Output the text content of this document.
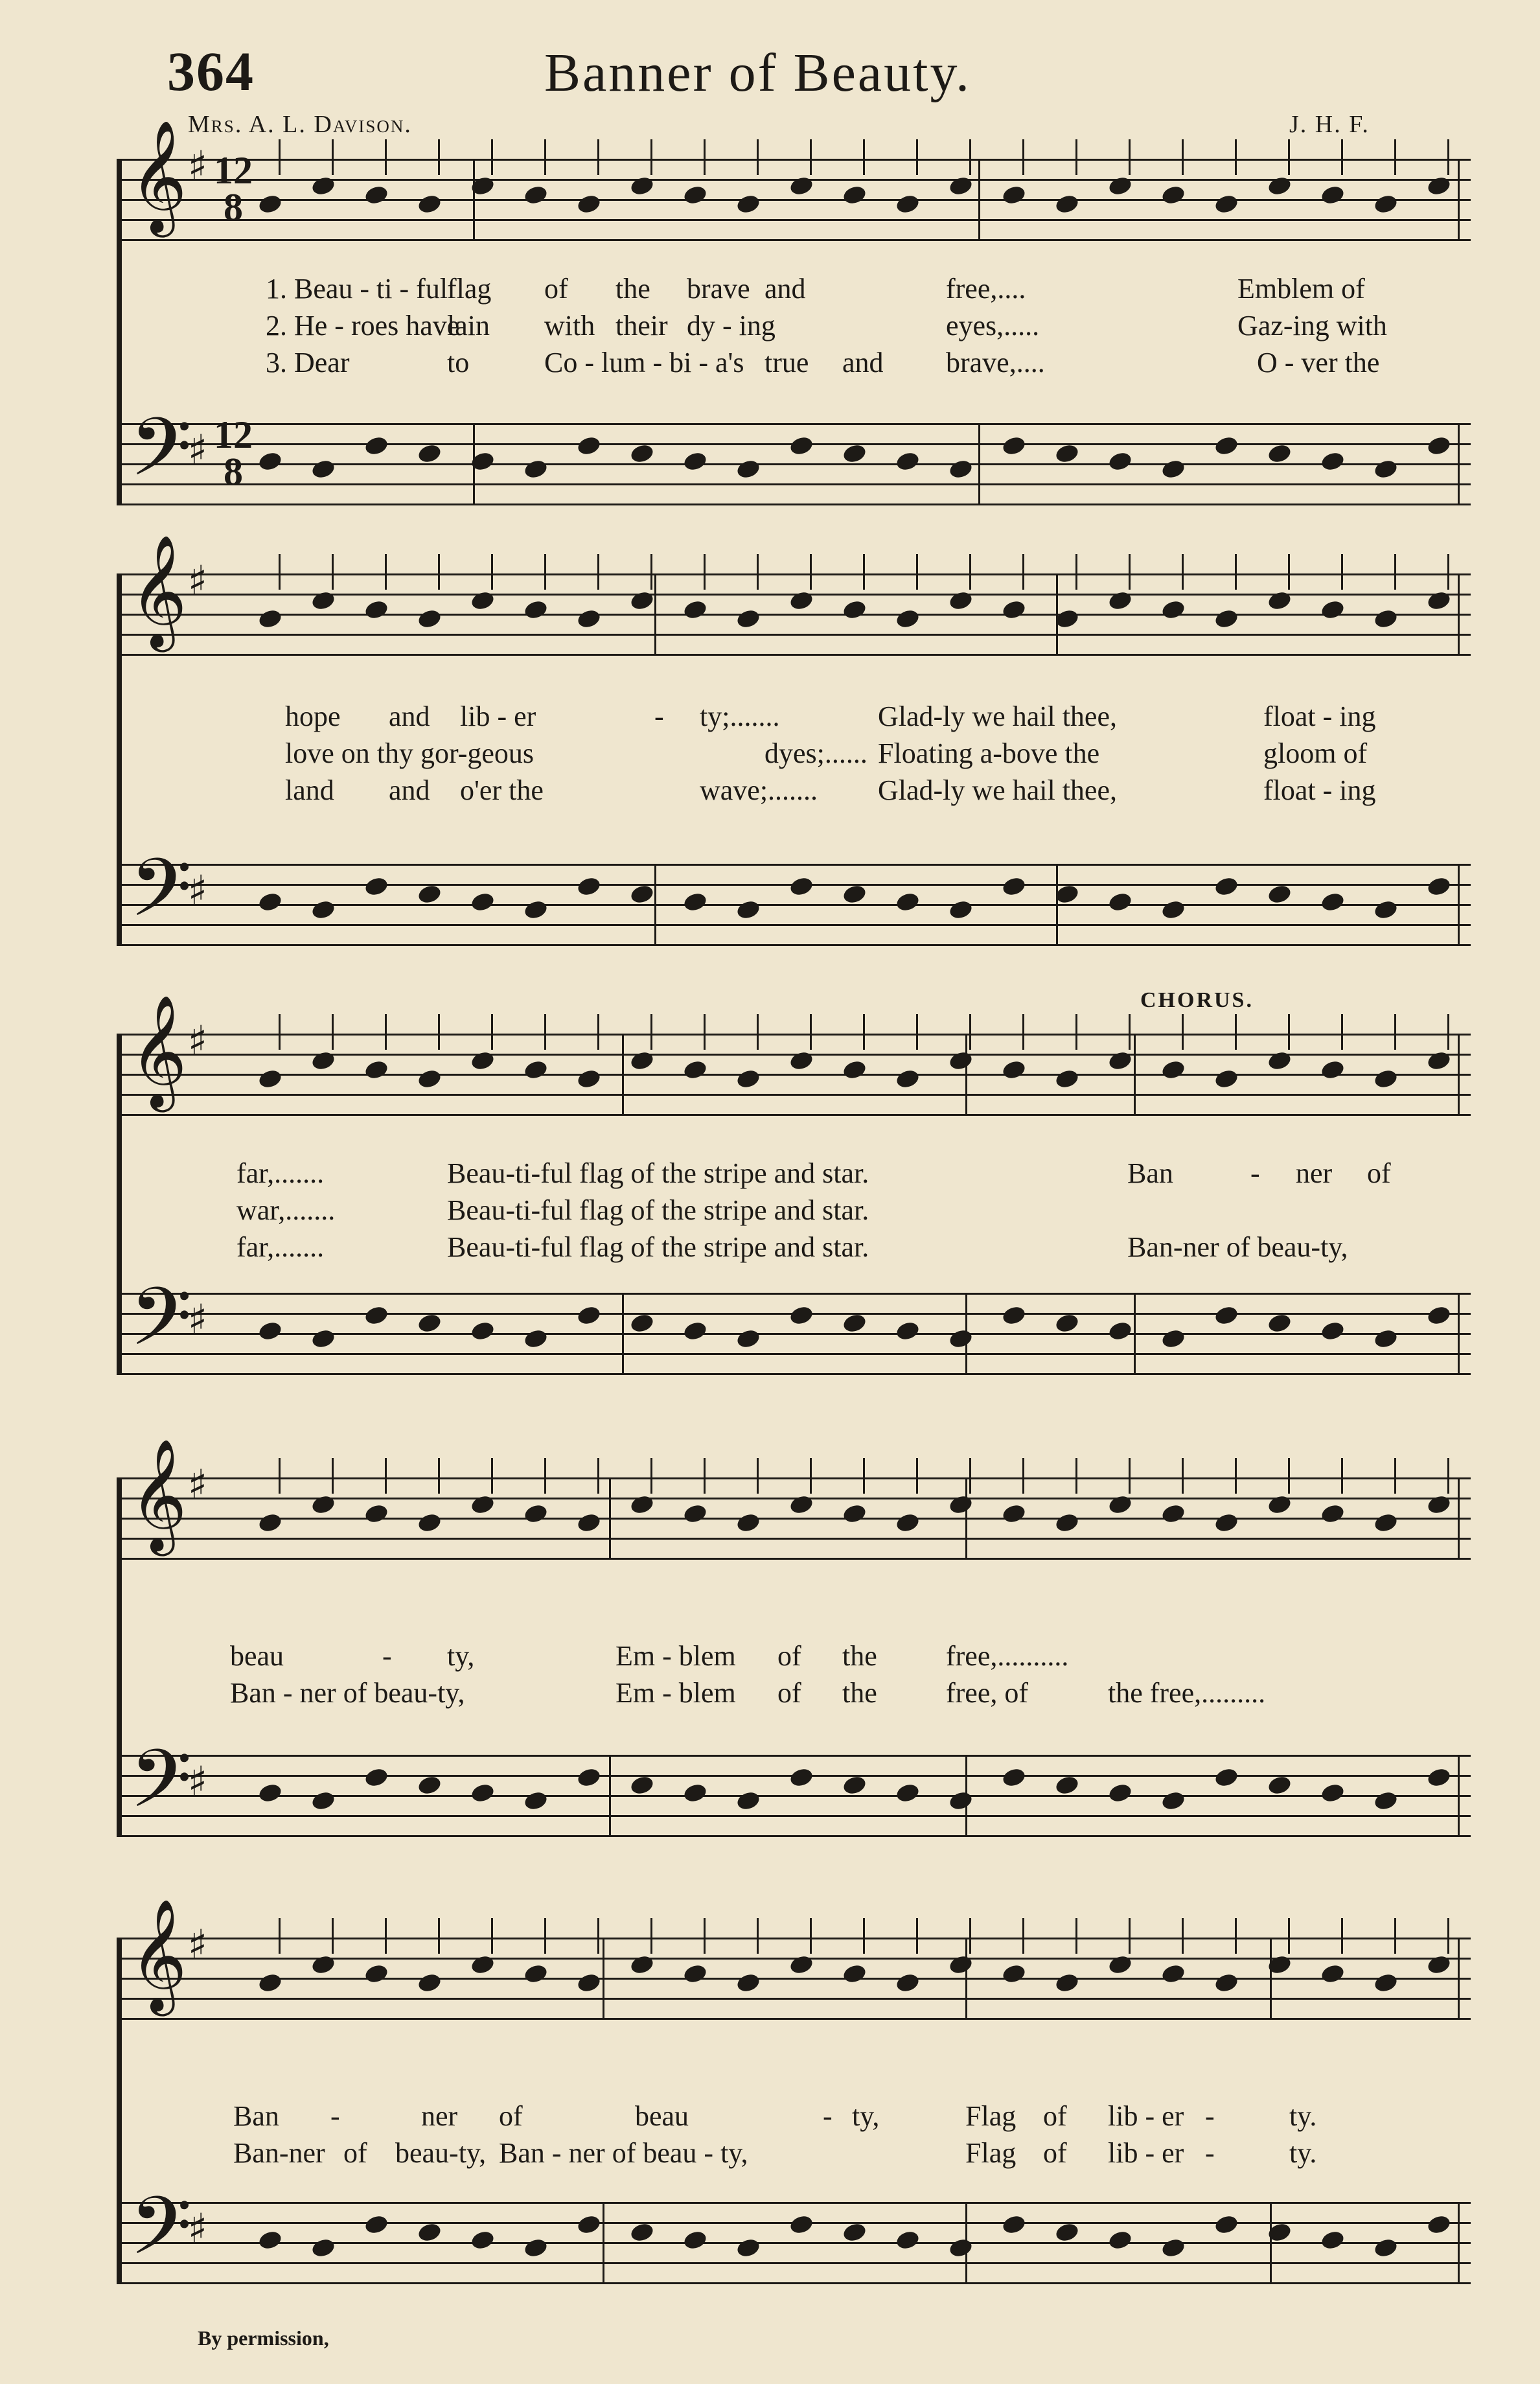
364	Banner of Beauty.
Mrs. A. L. Davison.	J. H. F.
𝄞 ♯ 12
8
𝄢
♯ 12
8
1. Beau - ti - ful
flag of the brave and	free,....	Emblem of
2. He - roes have
lain with their dy - ing	eyes,.....	Gaz-ing with
3. Dear	to	Co - lum - bi - a's true and brave,....	O - ver the
𝄞 ♯
𝄢
♯
hope and lib - er	- ty;.......	Glad-ly we hail thee,	float - ing
love on thy gor-geous	dyes;...... Floating a-bove the	gloom of
land and o'er the	wave;....... Glad-ly we hail thee,	float - ing
𝄞 ♯
𝄢
♯
CHORUS.
far,.......	Beau-ti-ful flag of the stripe and star.	Ban	- ner of
war,.......	Beau-ti-ful flag of the stripe and star.
far,.......	Beau-ti-ful flag of the stripe and star.	Ban-ner of beau-ty,
𝄞 ♯
𝄢
♯
beau	- ty,	Em - blem of the free,..........
Ban - ner of beau-ty,	Em - blem of the free, of	the free,.........
𝄞 ♯
𝄢
♯
Ban -	ner of	beau	- ty,	Flag of lib - er -	ty.
Ban-ner of beau-ty, Ban - ner of beau - ty,	Flag of lib - er -	ty.
By permission,
